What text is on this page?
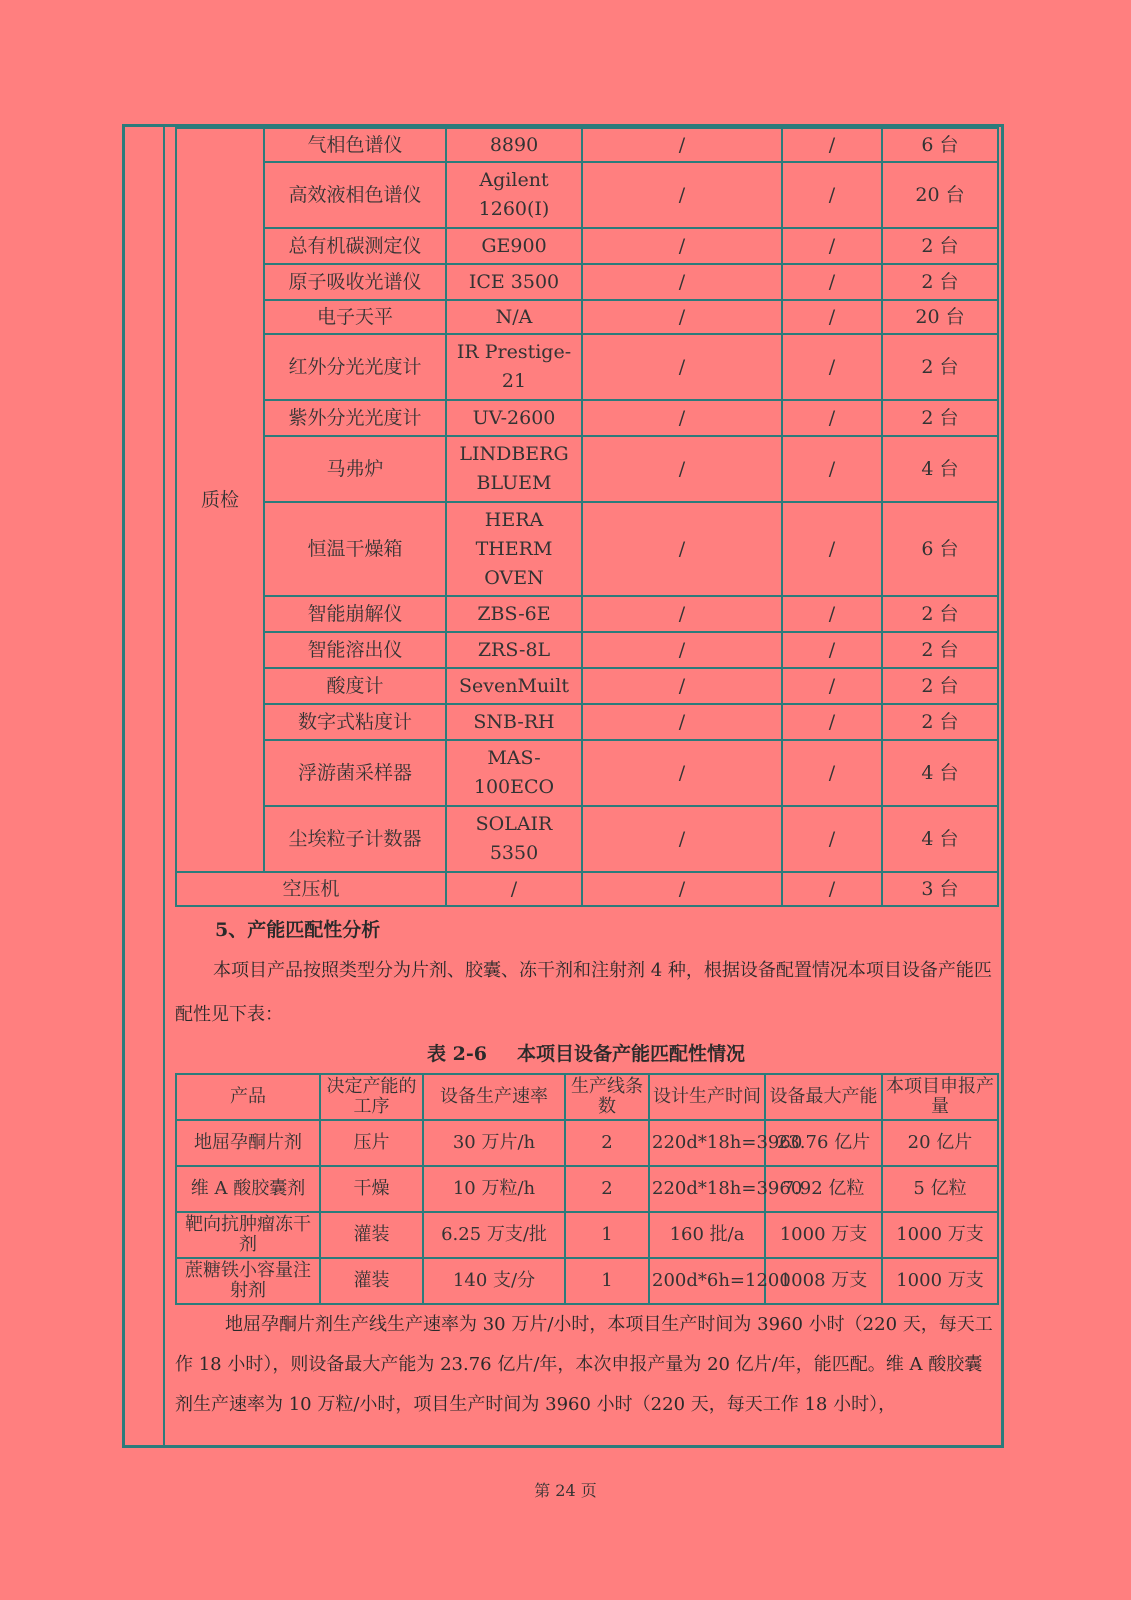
质检	气相色谱仪	8890	/	/	6 台
	高效液相色谱仪	Agilent 1260(I)	/	/	20 台
	总有机碳测定仪	GE900	/	/	2 台
	原子吸收光谱仪	ICE 3500	/	/	2 台
	电子天平	N/A	/	/	20 台
	红外分光光度计	IR Prestige-21	/	/	2 台
	紫外分光光度计	UV-2600	/	/	2 台
	马弗炉	LINDBERG BLUEM	/	/	4 台
	恒温干燥箱	HERA THERM OVEN	/	/	6 台
	智能崩解仪	ZBS-6E	/	/	2 台
	智能溶出仪	ZRS-8L	/	/	2 台
	酸度计	SevenMuilt	/	/	2 台
	数字式粘度计	SNB-RH	/	/	2 台
	浮游菌采样器	MAS-100ECO	/	/	4 台
	尘埃粒子计数器	SOLAIR 5350	/	/	4 台
空压机		/	/	/	3 台
5、产能匹配性分析

本项目产品按照类型分为片剂、胶囊、冻干剂和注射剂 4 种，根据设备配置情况本项目设备产能匹配性见下表：

表 2-6 本项目设备产能匹配性情况
产品	决定产能的工序	设备生产速率	生产线条数	设计生产时间	设备最大产能	本项目申报产量
地屈孕酮片剂	压片	30 万片/h	2	220d*18h=3960	23.76 亿片	20 亿片
维 A 酸胶囊剂	干燥	10 万粒/h	2	220d*18h=3960	7.92 亿粒	5 亿粒
靶向抗肿瘤冻干剂	灌装	6.25 万支/批	1	160 批/a	1000 万支	1000 万支
蔗糖铁小容量注射剂	灌装	140 支/分	1	200d*6h=1200	1008 万支	1000 万支

地屈孕酮片剂生产线生产速率为 30 万片/小时，本项目生产时间为 3960 小时（220 天，每天工作 18 小时），则设备最大产能为 23.76 亿片/年，本次申报产量为 20 亿片/年，能匹配。维 A 酸胶囊剂生产速率为 10 万粒/小时，项目生产时间为 3960 小时（220 天，每天工作 18 小时），

第 24 页
